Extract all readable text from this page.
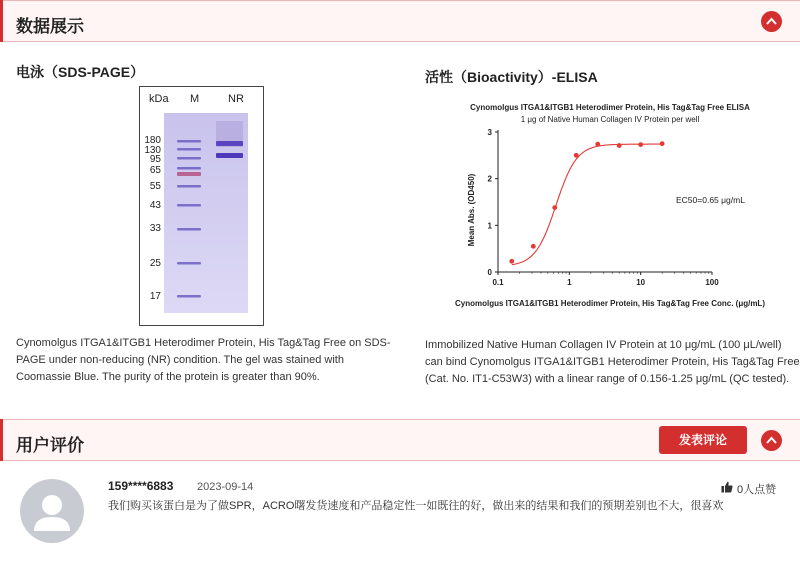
数据展示
电泳（SDS-PAGE）
kDa M	NR
180
130
95
65
55
43
33
25
17
Cynomolgus ITGA1&ITGB1 Heterodimer Protein, His Tag&Tag Free on SDS-PAGE under non-reducing (NR) condition. The gel was stained with Coomassie Blue. The purity of the protein is greater than 90%.
活性（Bioactivity）-ELISA
Cynomolgus ITGA1&ITGB1 Heterodimer Protein, His Tag&Tag Free ELISA
1 μg of Native Human Collagen IV Protein per well
Mean Abs. (OD450)
Cynomolgus ITGA1&ITGB1 Heterodimer Protein, His Tag&Tag Free Conc. (μg/mL)
EC50=0.65 μg/mL
0.1	1	10	100
0
1
2
3
Immobilized Native Human Collagen IV Protein at 10 μg/mL (100 μL/well) can bind Cynomolgus ITGA1&ITGB1 Heterodimer Protein, His Tag&Tag Free (Cat. No. IT1-C53W3) with a linear range of 0.156-1.25 μg/mL (QC tested).
用户评价	发表评论
159****6883 2023-09-14	0人点赞
我们购买该蛋白是为了做SPR，ACRO曙发货速度和产品稳定性一如既往的好，做出来的结果和我们的预期差别也不大，很喜欢
